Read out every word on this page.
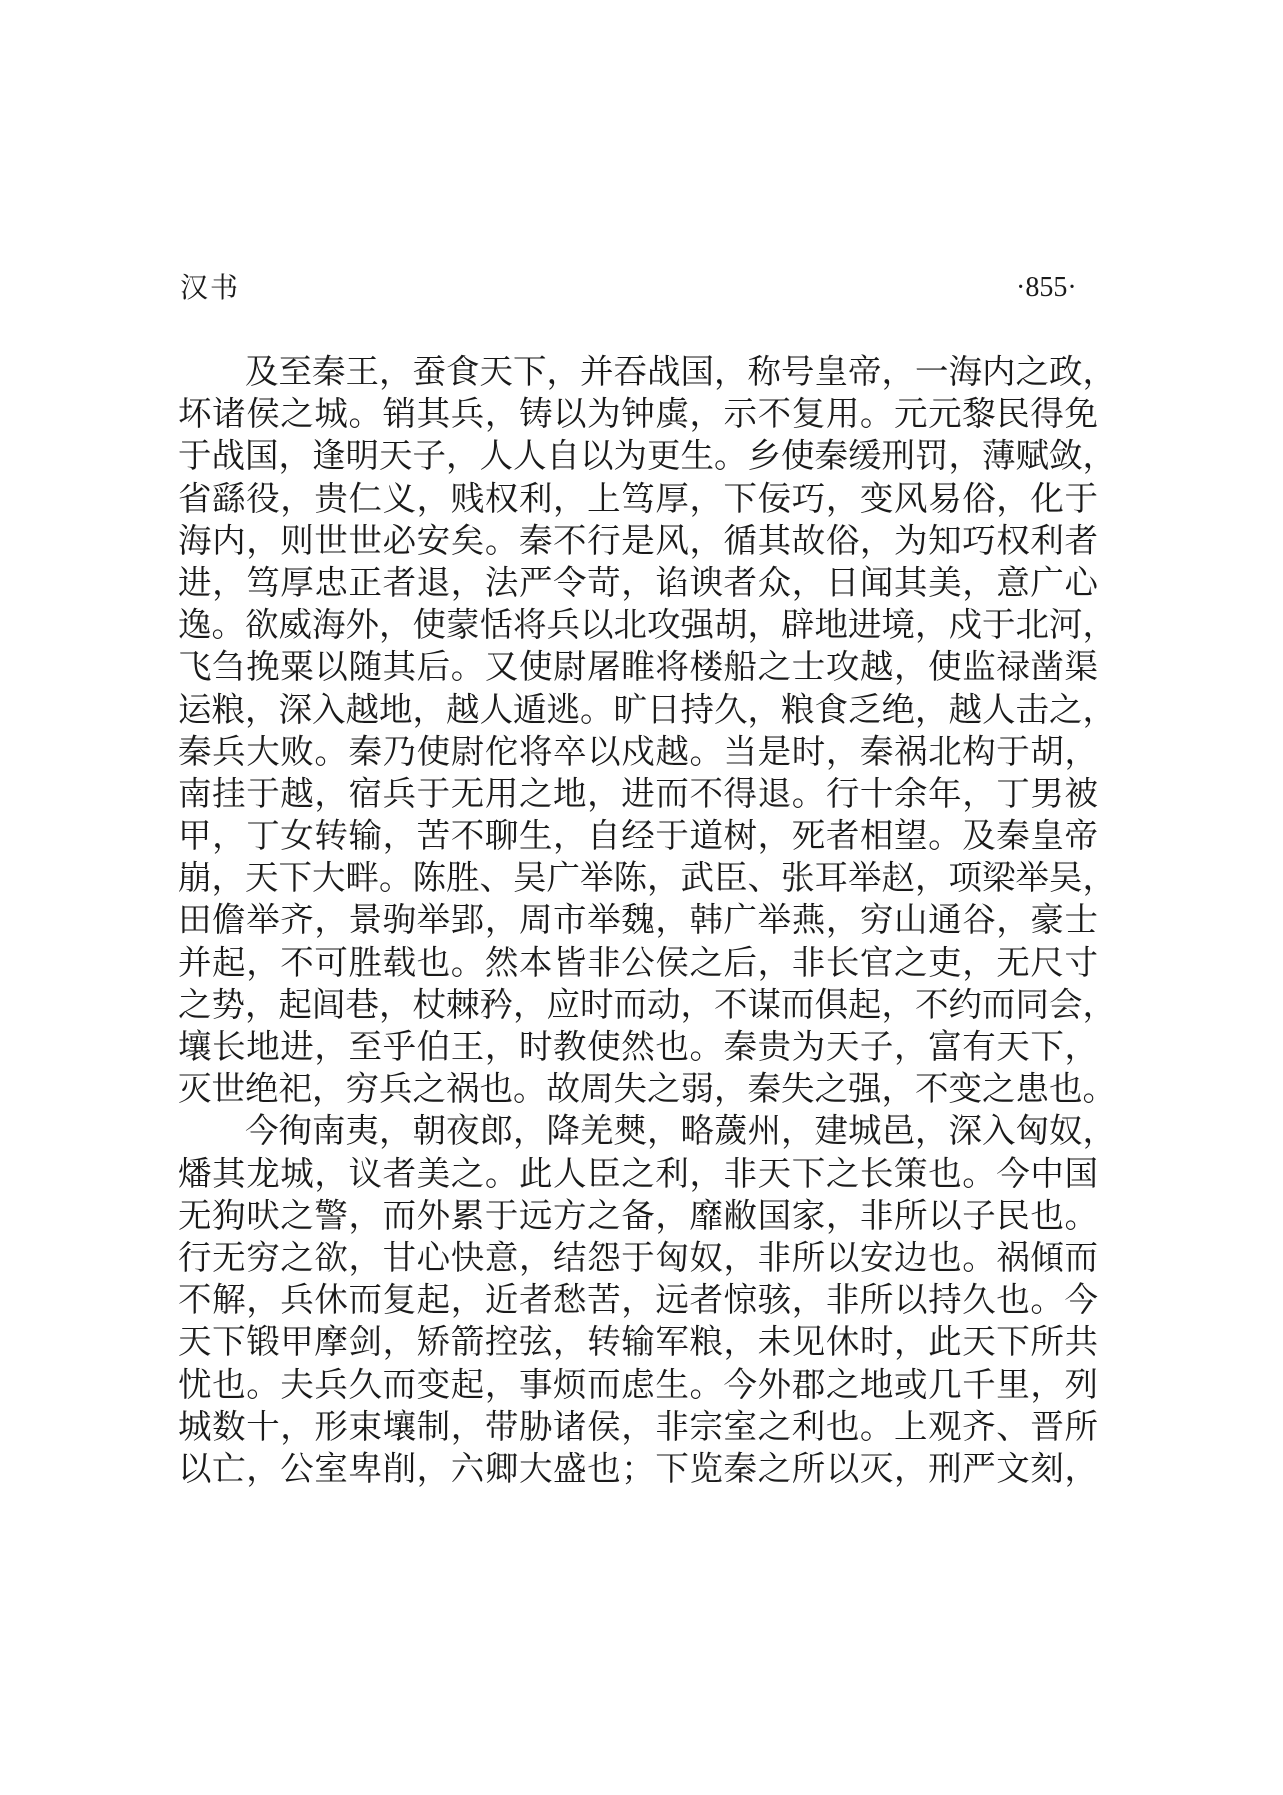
汉书	·855·
及至秦王，蚕食天下，并吞战国，称号皇帝，一海内之政，
坏诸侯之城。销其兵，铸以为钟虡，示不复用。元元黎民得免
于战国，逢明天子，人人自以为更生。乡使秦缓刑罚，薄赋敛，
省繇役，贵仁义，贱权利，上笃厚，下佞巧，变风易俗，化于
海内，则世世必安矣。秦不行是风，循其故俗，为知巧权利者
进，笃厚忠正者退，法严令苛，谄谀者众，日闻其美，意广心
逸。欲威海外，使蒙恬将兵以北攻强胡，辟地进境，戍于北河，
飞刍挽粟以随其后。又使尉屠睢将楼船之士攻越，使监禄凿渠
运粮，深入越地，越人遁逃。旷日持久，粮食乏绝，越人击之，
秦兵大败。秦乃使尉佗将卒以戍越。当是时，秦祸北构于胡，
南挂于越，宿兵于无用之地，进而不得退。行十余年，丁男被
甲，丁女转输，苦不聊生，自经于道树，死者相望。及秦皇帝
崩，天下大畔。陈胜、吴广举陈，武臣、张耳举赵，项梁举吴，
田儋举齐，景驹举郢，周市举魏，韩广举燕，穷山通谷，豪士
并起，不可胜载也。然本皆非公侯之后，非长官之吏，无尺寸
之势，起闾巷，杖棘矜，应时而动，不谋而俱起，不约而同会，
壤长地进，至乎伯王，时教使然也。秦贵为天子，富有天下，
灭世绝祀，穷兵之祸也。故周失之弱，秦失之强，不变之患也。
今徇南夷，朝夜郎，降羌僰，略薉州，建城邑，深入匈奴，
燔其龙城，议者美之。此人臣之利，非天下之长策也。今中国
无狗吠之警，而外累于远方之备，靡敝国家，非所以子民也。
行无穷之欲，甘心快意，结怨于匈奴，非所以安边也。祸傾而
不解，兵休而复起，近者愁苦，远者惊骇，非所以持久也。今
天下锻甲摩剑，矫箭控弦，转输军粮，未见休时，此天下所共
忧也。夫兵久而变起，事烦而虑生。今外郡之地或几千里，列
城数十，形束壤制，带胁诸侯，非宗室之利也。上观齐、晋所
以亡，公室卑削，六卿大盛也；下览秦之所以灭，刑严文刻，
